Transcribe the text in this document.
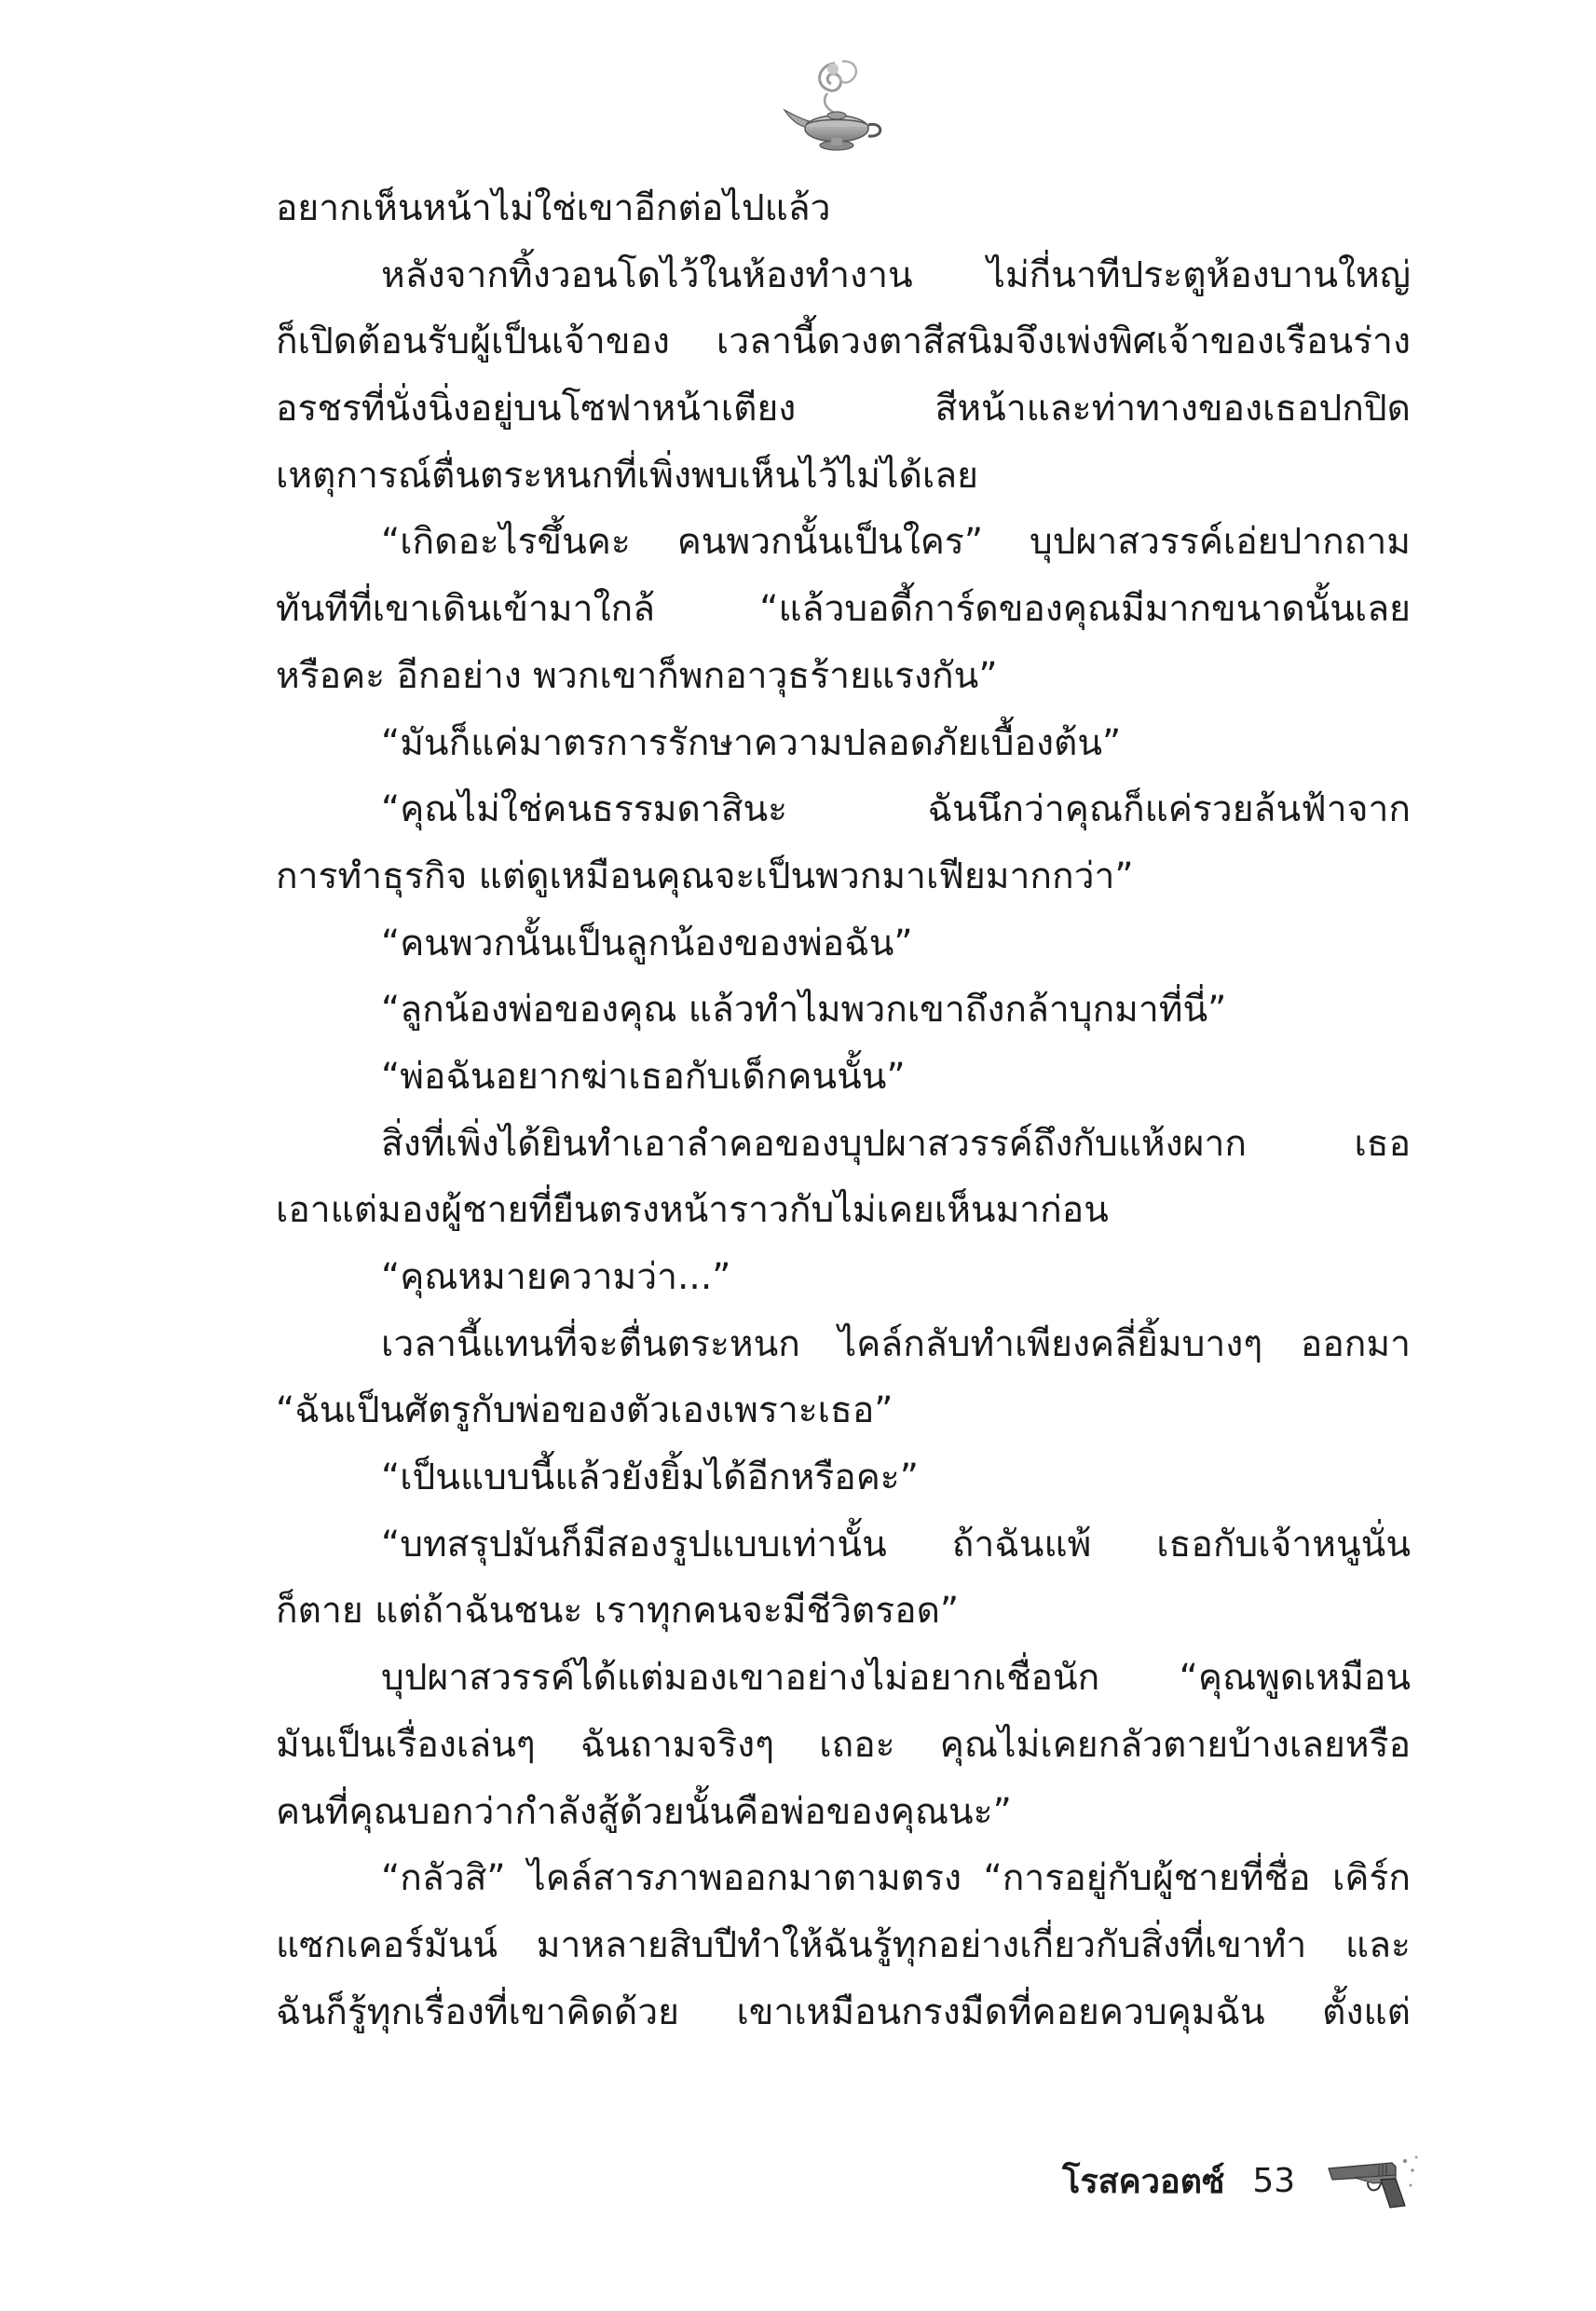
อยากเห็นหน้าไม่ใช่เขาอีกต่อไปแล้ว
หลังจากทิ้งวอนโดไว้ในห้องทำงาน ไม่กี่นาทีประตูห้องบานใหญ่
ก็เปิดต้อนรับผู้เป็นเจ้าของ เวลานี้ดวงตาสีสนิมจึงเพ่งพิศเจ้าของเรือนร่าง
อรชรที่นั่งนิ่งอยู่บนโซฟาหน้าเตียง สีหน้าและท่าทางของเธอปกปิด
เหตุการณ์ตื่นตระหนกที่เพิ่งพบเห็นไว้ไม่ได้เลย
“เกิดอะไรขึ้นคะ คนพวกนั้นเป็นใคร” บุปผาสวรรค์เอ่ยปากถาม
ทันทีที่เขาเดินเข้ามาใกล้ “แล้วบอดี้การ์ดของคุณมีมากขนาดนั้นเลย
หรือคะ อีกอย่าง พวกเขาก็พกอาวุธร้ายแรงกัน”
“มันก็แค่มาตรการรักษาความปลอดภัยเบื้องต้น”
“คุณไม่ใช่คนธรรมดาสินะ ฉันนึกว่าคุณก็แค่รวยล้นฟ้าจาก
การทำธุรกิจ แต่ดูเหมือนคุณจะเป็นพวกมาเฟียมากกว่า”
“คนพวกนั้นเป็นลูกน้องของพ่อฉัน”
“ลูกน้องพ่อของคุณ แล้วทำไมพวกเขาถึงกล้าบุกมาที่นี่”
“พ่อฉันอยากฆ่าเธอกับเด็กคนนั้น”
สิ่งที่เพิ่งได้ยินทำเอาลำคอของบุปผาสวรรค์ถึงกับแห้งผาก เธอ
เอาแต่มองผู้ชายที่ยืนตรงหน้าราวกับไม่เคยเห็นมาก่อน
“คุณหมายความว่า...”
เวลานี้แทนที่จะตื่นตระหนก ไคล์กลับทำเพียงคลี่ยิ้มบางๆ ออกมา
“ฉันเป็นศัตรูกับพ่อของตัวเองเพราะเธอ”
“เป็นแบบนี้แล้วยังยิ้มได้อีกหรือคะ”
“บทสรุปมันก็มีสองรูปแบบเท่านั้น ถ้าฉันแพ้ เธอกับเจ้าหนูนั่น
ก็ตาย แต่ถ้าฉันชนะ เราทุกคนจะมีชีวิตรอด”
บุปผาสวรรค์ได้แต่มองเขาอย่างไม่อยากเชื่อนัก “คุณพูดเหมือน
มันเป็นเรื่องเล่นๆ ฉันถามจริงๆ เถอะ คุณไม่เคยกลัวตายบ้างเลยหรือ
คนที่คุณบอกว่ากำลังสู้ด้วยนั้นคือพ่อของคุณนะ”
“กลัวสิ” ไคล์สารภาพออกมาตามตรง “การอยู่กับผู้ชายที่ชื่อ เคิร์ก
แซกเคอร์มันน์ มาหลายสิบปีทำให้ฉันรู้ทุกอย่างเกี่ยวกับสิ่งที่เขาทำ และ
ฉันก็รู้ทุกเรื่องที่เขาคิดด้วย เขาเหมือนกรงมืดที่คอยควบคุมฉัน ตั้งแต่
โรสควอตซ์ 53
